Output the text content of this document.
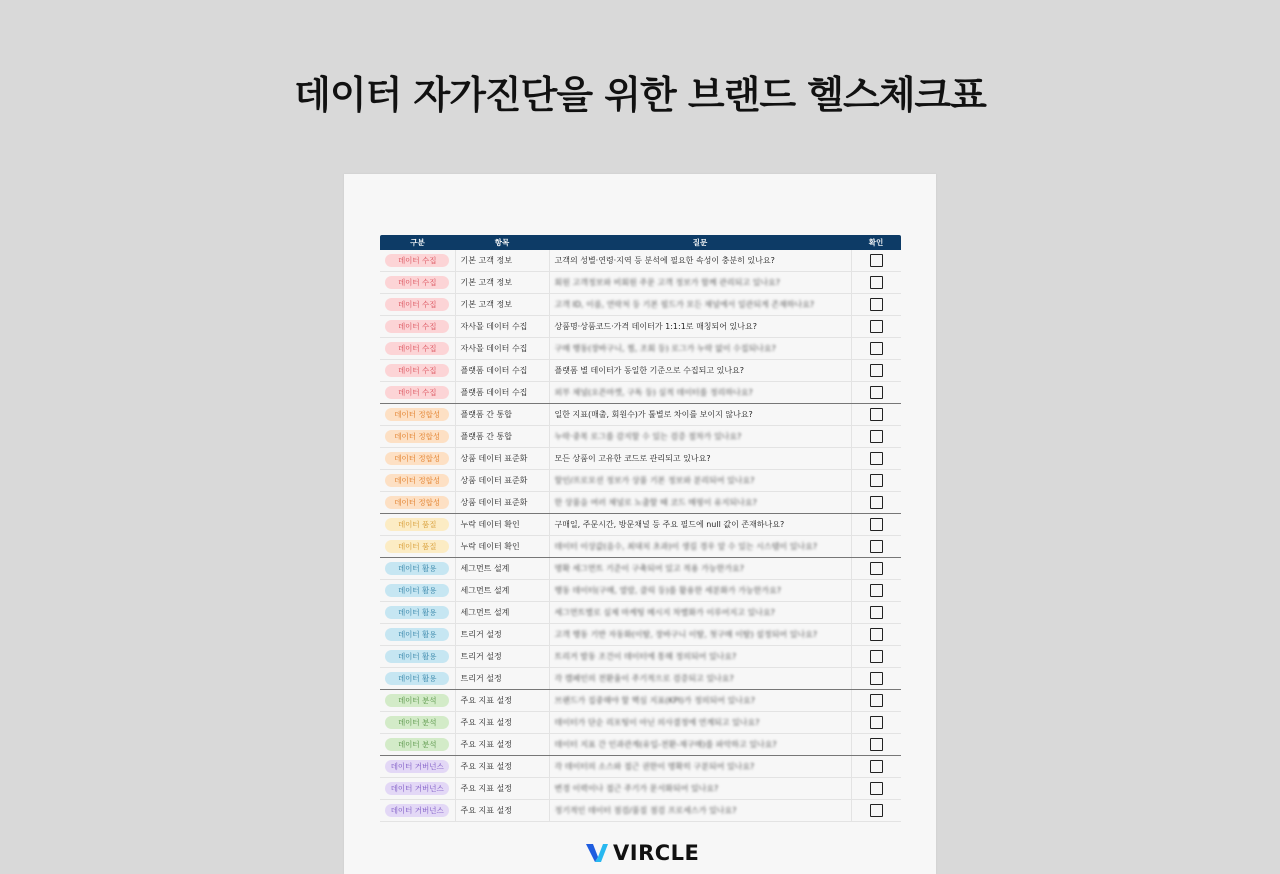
데이터 자가진단을 위한 브랜드 헬스체크표
구분	항목	질문	확인
데이터 수집	기본 고객 정보	고객의 성별·연령·지역 등 분석에 필요한 속성이 충분히 있나요?	
데이터 수집	기본 고객 정보	회원 고객정보와 비회원 주문 고객 정보가 함께 관리되고 있나요?	
데이터 수집	기본 고객 정보	고객 ID, 이름, 연락처 등 기본 필드가 모든 채널에서 일관되게 존재하나요?	
데이터 수집	자사몰 데이터 수집	상품명·상품코드·가격 데이터가 1:1:1로 매칭되어 있나요?	
데이터 수집	자사몰 데이터 수집	구매 행동(장바구니, 찜, 조회 등) 로그가 누락 없이 수집되나요?	
데이터 수집	플랫폼 데이터 수집	플랫폼 별 데이터가 동일한 기준으로 수집되고 있나요?	
데이터 수집	플랫폼 데이터 수집	외부 채널(오픈마켓, 구독 등) 실적 데이터를 정리하나요?	
데이터 정합성	플랫폼 간 통합	일한 지표(매출, 회원수)가 툴별로 차이를 보이지 않나요?	
데이터 정합성	플랫폼 간 통합	누락·중복 로그를 감지할 수 있는 검증 절차가 있나요?	
데이터 정합성	상품 데이터 표준화	모든 상품이 고유한 코드로 관리되고 있나요?	
데이터 정합성	상품 데이터 표준화	할인/프로모션 정보가 상품 기본 정보와 분리되어 있나요?	
데이터 정합성	상품 데이터 표준화	한 상품을 여러 채널로 노출할 때 코드 매핑이 유지되나요?	
데이터 품질	누락 데이터 확인	구매일, 주문시간, 방문채널 등 주요 필드에 null 값이 존재하나요?	
데이터 품질	누락 데이터 확인	데이터 이상값(음수, 최대치 초과)이 생길 경우 알 수 있는 시스템이 있나요?	
데이터 활용	세그먼트 설계	명확 세그먼트 기준이 구축되어 있고 적용 가능한가요?	
데이터 활용	세그먼트 설계	행동 데이터(구매, 열람, 클릭 등)를 활용한 세분화가 가능한가요?	
데이터 활용	세그먼트 설계	세그먼트별로 실제 마케팅 메시지 차별화가 이루어지고 있나요?	
데이터 활용	트리거 설정	고객 행동 기반 자동화(이탈, 장바구니 이탈, 첫구매 이탈) 설정되어 있나요?	
데이터 활용	트리거 설정	트리거 발동 조건이 데이터에 통해 정의되어 있나요?	
데이터 활용	트리거 설정	각 캠페인의 전환율이 주기적으로 검증되고 있나요?	
데이터 분석	주요 지표 설정	브랜드가 집중해야 할 핵심 지표(KPI)가 정의되어 있나요?	
데이터 분석	주요 지표 설정	데이터가 단순 리포팅이 아닌 의사결정에 연계되고 있나요?	
데이터 분석	주요 지표 설정	데이터 지표 간 인과관계(유입-전환-재구매)를 파악하고 있나요?	
데이터 거버넌스	주요 지표 설정	각 데이터의 소스와 접근 권한이 명확히 구분되어 있나요?	
데이터 거버넌스	주요 지표 설정	변경 이력이나 접근 주기가 문서화되어 있나요?	
데이터 거버넌스	주요 지표 설정	정기적인 데이터 점검/품질 점검 프로세스가 있나요?	
VIRCLE
